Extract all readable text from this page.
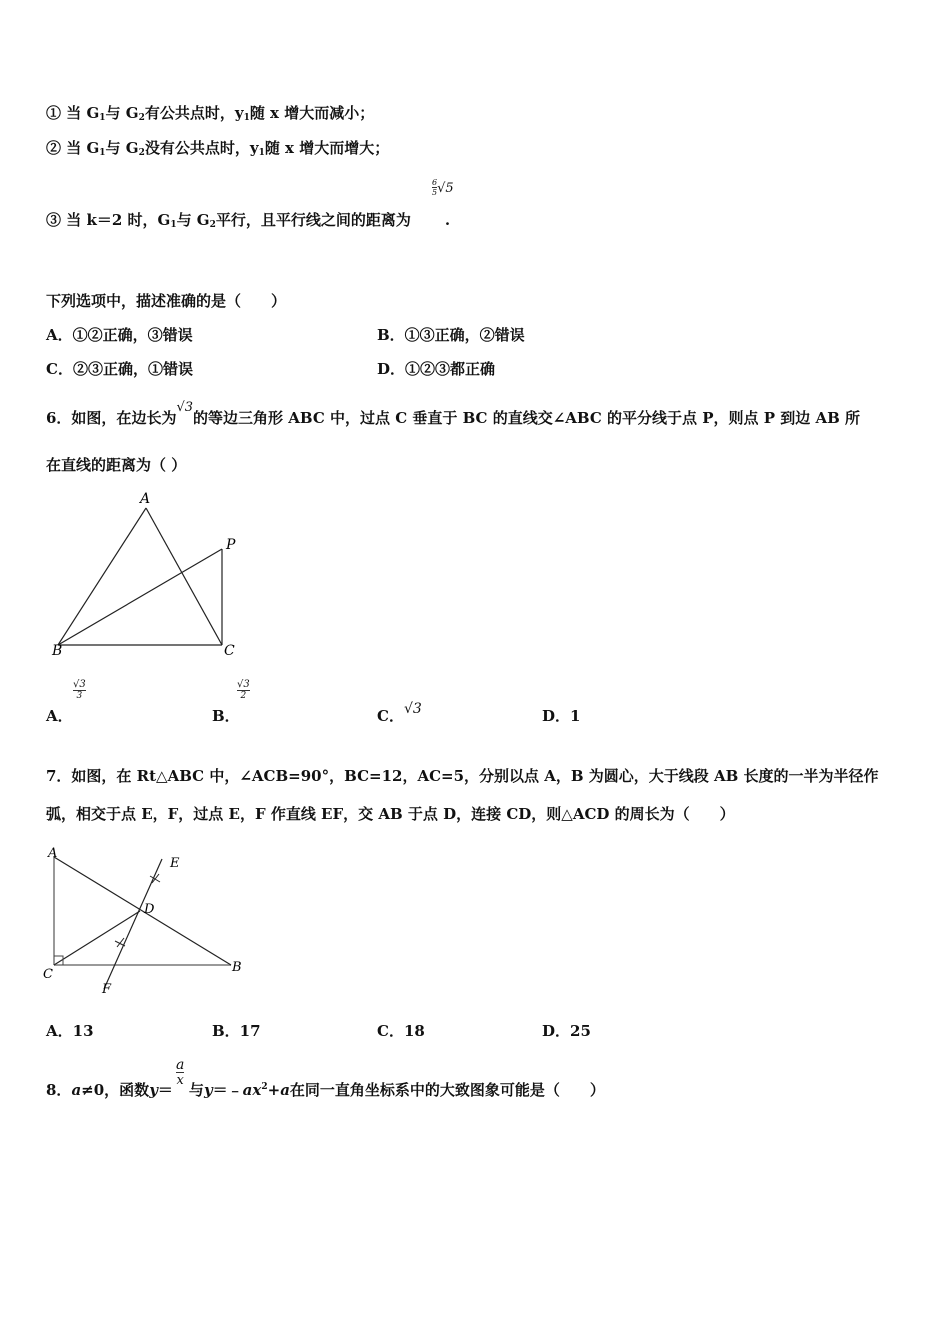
① 当 $G_1$与 $G_2$有公共点时，$y_1$随 x 增大而减小；
② 当 $G_1$与 $G_2$没有公共点时，$y_1$随 x 增大而增大；
③ 当 k＝2 时，$G_1$与 $G_2$平行，且平行线之间的距离为 .
$\frac{6}{5} √5$
下列选项中，描述准确的是（　　）
A．①②正确，③错误	B．①③正确，②错误
C．②③正确，①错误	D．①②③都正确
6．如图，在边长为√3的等边三角形 ABC 中，过点 C 垂直于 BC 的直线交∠ABC 的平分线于点 P，则点 P 到边 AB 所
在直线的距离为（ ）
A
B	C
P
A．
$\frac{√3}{3}$
B．
$\frac{√3}{2}$
C．√3	D．1
7．如图，在 Rt△ABC 中，∠ACB=90°，BC=12，AC=5，分别以点 A，B 为圆心，大于线段 AB 长度的一半为半径作
弧，相交于点 E，F，过点 E，F 作直线 EF，交 AB 于点 D，连接 CD，则△ACD 的周长为（　　）
A
C	B
D
E
F
A．13	B．17	C．18	D．25
8．a≠0，函数y＝ 与$y=﹣ax^2+a$在同一直角坐标系中的大致图象可能是（　　）
$\frac{a}{x}$
